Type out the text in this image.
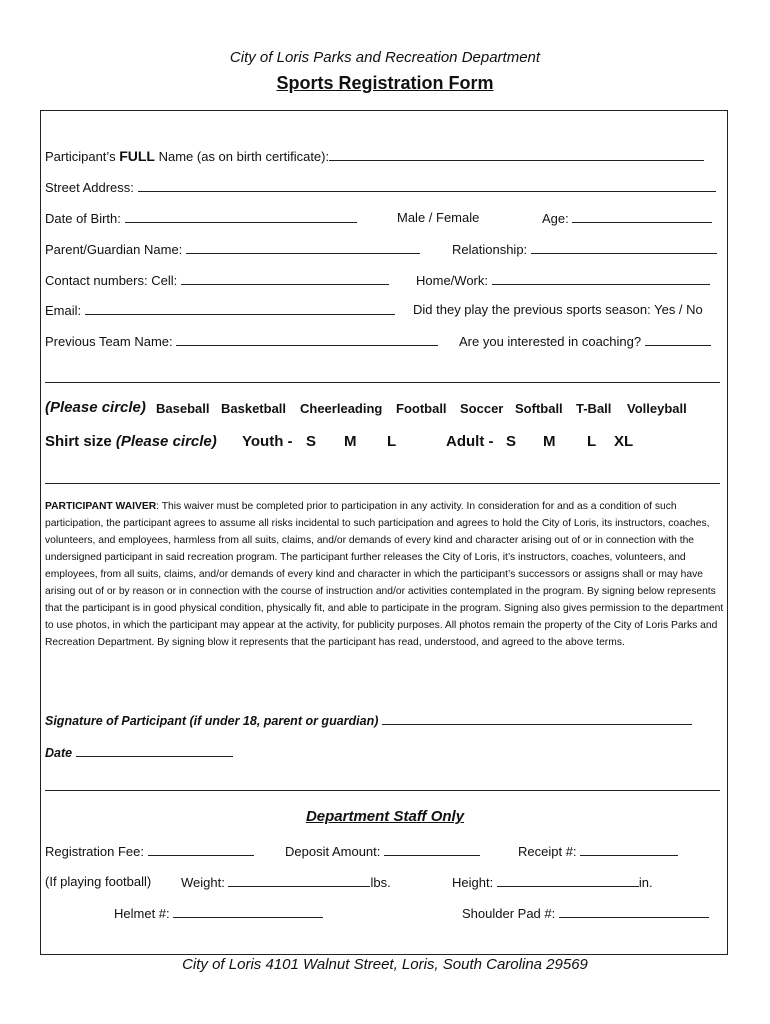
City of Loris Parks and Recreation Department
Sports Registration Form
Participant’s FULL Name (as on birth certificate):
Street Address:
Date of Birth:	Male / Female	Age:
Parent/Guardian Name:	Relationship:
Contact numbers: Cell:	Home/Work:
Email:	Did they play the previous sports season: Yes / No
Previous Team Name:	Are you interested in coaching?
(Please circle) Baseball Basketball Cheerleading Football Soccer Softball T-Ball Volleyball
Shirt size (Please circle) Youth - S M L	Adult - S M L XL
PARTICIPANT WAIVER: This waiver must be completed prior to participation in any activity. In consideration for and as a condition of such participation, the participant agrees to assume all risks incidental to such participation and agrees to hold the City of Loris, its instructors, coaches, volunteers, and employees, harmless from all suits, claims, and/or demands of every kind and character arising out of or in connection with the undersigned participant in said recreation program. The participant further releases the City of Loris, it’s instructors, coaches, volunteers, and employees, from all suits, claims, and/or demands of every kind and character in which the participant’s successors or assigns shall or may have arising out of or by reason or in connection with the course of instruction and/or activities contemplated in the program. By signing below represents that the participant is in good physical condition, physically fit, and able to participate in the program. Signing also gives permission to the department to use photos, in which the participant may appear at the activity, for publicity purposes. All photos remain the property of the City of Loris Parks and Recreation Department. By signing blow it represents that the participant has read, understood, and agreed to the above terms.
Signature of Participant (if under 18, parent or guardian)
Date
Department Staff Only
Registration Fee:	Deposit Amount:	Receipt #:
(If playing football) Weight:	lbs.	Height:	in.
Helmet #:	Shoulder Pad #:
City of Loris 4101 Walnut Street, Loris, South Carolina 29569
